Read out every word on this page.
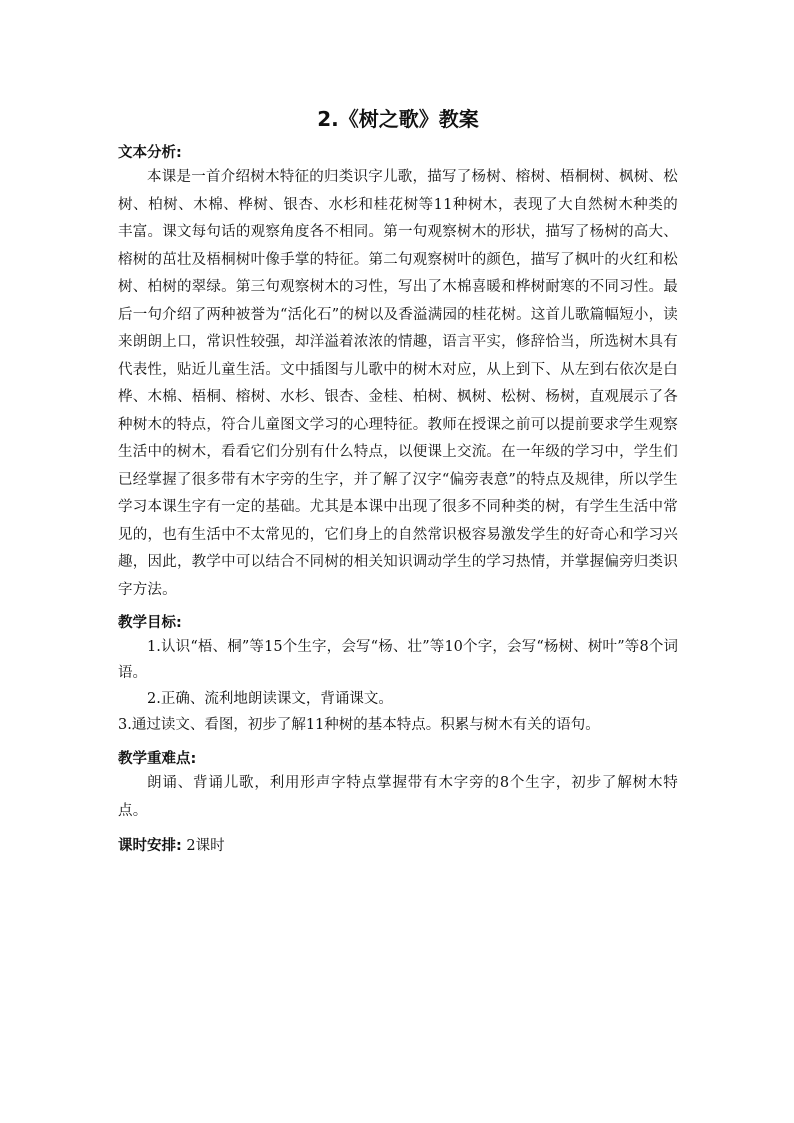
2.《树之歌》教案
文本分析:

本课是一首介绍树木特征的归类识字儿歌，描写了杨树、榕树、梧桐树、枫树、松树、柏树、木棉、桦树、银杏、水杉和桂花树等11种树木，表现了大自然树木种类的丰富。课文每句话的观察角度各不相同。第一句观察树木的形状，描写了杨树的高大、榕树的茁壮及梧桐树叶像手掌的特征。第二句观察树叶的颜色，描写了枫叶的火红和松树、柏树的翠绿。第三句观察树木的习性，写出了木棉喜暖和桦树耐寒的不同习性。最后一句介绍了两种被誉为“活化石”的树以及香溢满园的桂花树。这首儿歌篇幅短小，读来朗朗上口，常识性较强，却洋溢着浓浓的情趣，语言平实，修辞恰当，所选树木具有代表性，贴近儿童生活。文中插图与儿歌中的树木对应，从上到下、从左到右依次是白桦、木棉、梧桐、榕树、水杉、银杏、金桂、柏树、枫树、松树、杨树，直观展示了各种树木的特点，符合儿童图文学习的心理特征。教师在授课之前可以提前要求学生观察生活中的树木，看看它们分别有什么特点，以便课上交流。在一年级的学习中，学生们已经掌握了很多带有木字旁的生字，并了解了汉字“偏旁表意”的特点及规律，所以学生学习本课生字有一定的基础。尤其是本课中出现了很多不同种类的树，有学生生活中常见的，也有生活中不太常见的，它们身上的自然常识极容易激发学生的好奇心和学习兴趣，因此，教学中可以结合不同树的相关知识调动学生的学习热情，并掌握偏旁归类识字方法。

教学目标:

1.认识“梧、桐”等15个生字，会写“杨、壮”等10个字，会写“杨树、树叶”等8个词语。

2.正确、流利地朗读课文，背诵课文。

3.通过读文、看图，初步了解11种树的基本特点。积累与树木有关的语句。

教学重难点:

朗诵、背诵儿歌，利用形声字特点掌握带有木字旁的8个生字，初步了解树木特点。

课时安排: 2课时
